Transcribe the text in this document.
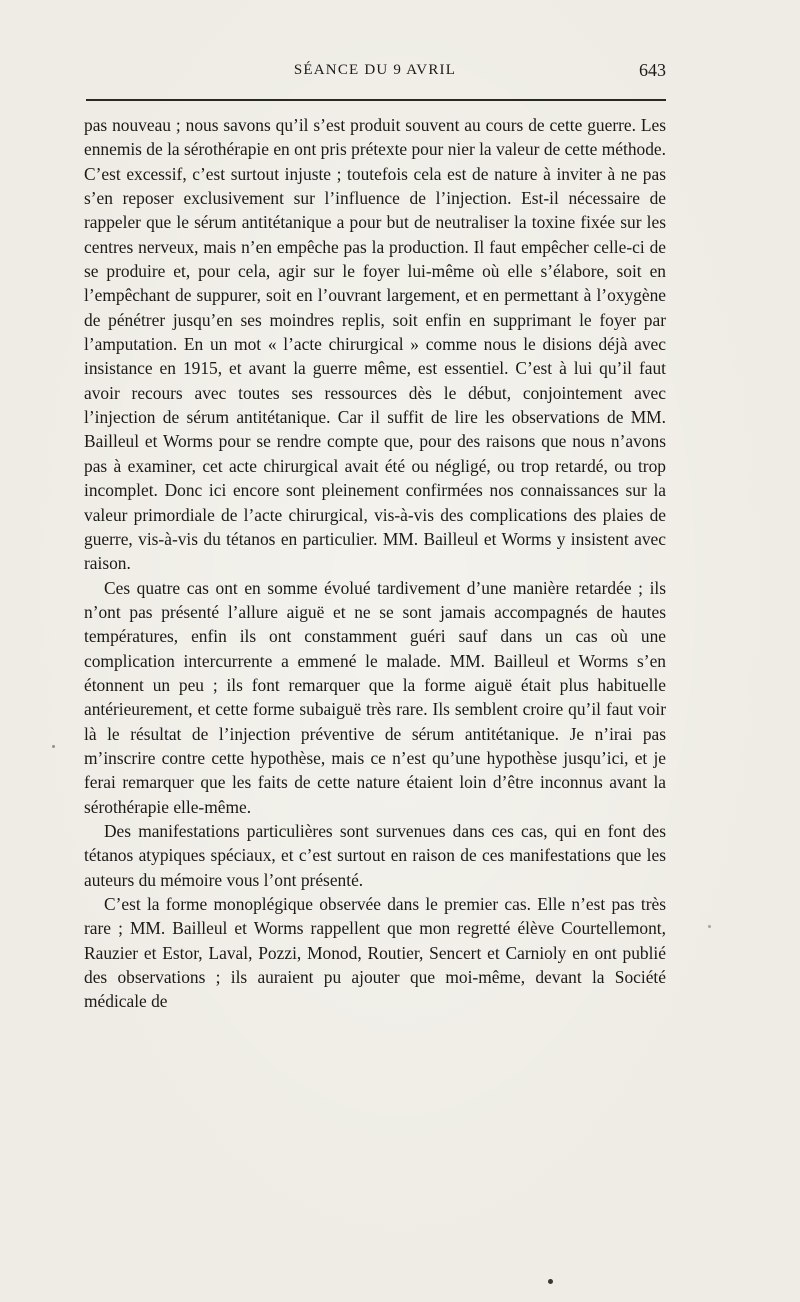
SÉANCE DU 9 AVRIL	643

pas nouveau ; nous savons qu’il s’est produit souvent au cours de cette guerre. Les ennemis de la sérothérapie en ont pris prétexte pour nier la valeur de cette méthode. C’est excessif, c’est surtout injuste ; toutefois cela est de nature à inviter à ne pas s’en reposer exclusivement sur l’influence de l’injection. Est-il nécessaire de rappeler que le sérum antitétanique a pour but de neutraliser la toxine fixée sur les centres nerveux, mais n’en empêche pas la production. Il faut empêcher celle-ci de se produire et, pour cela, agir sur le foyer lui-même où elle s’élabore, soit en l’empêchant de suppurer, soit en l’ouvrant largement, et en permettant à l’oxygène de pénétrer jusqu’en ses moindres replis, soit enfin en supprimant le foyer par l’amputation. En un mot « l’acte chirurgical » comme nous le disions déjà avec insistance en 1915, et avant la guerre même, est essentiel. C’est à lui qu’il faut avoir recours avec toutes ses ressources dès le début, conjointement avec l’injection de sérum antitétanique. Car il suffit de lire les observations de MM. Bailleul et Worms pour se rendre compte que, pour des raisons que nous n’avons pas à examiner, cet acte chirurgical avait été ou négligé, ou trop retardé, ou trop incomplet. Donc ici encore sont pleinement confirmées nos connaissances sur la valeur primordiale de l’acte chirurgical, vis-à-vis des complications des plaies de guerre, vis-à-vis du tétanos en particulier. MM. Bailleul et Worms y insistent avec raison.

Ces quatre cas ont en somme évolué tardivement d’une manière retardée ; ils n’ont pas présenté l’allure aiguë et ne se sont jamais accompagnés de hautes températures, enfin ils ont constamment guéri sauf dans un cas où une complication intercurrente a emmené le malade. MM. Bailleul et Worms s’en étonnent un peu ; ils font remarquer que la forme aiguë était plus habituelle antérieurement, et cette forme subaiguë très rare. Ils semblent croire qu’il faut voir là le résultat de l’injection préventive de sérum antitétanique. Je n’irai pas m’inscrire contre cette hypothèse, mais ce n’est qu’une hypothèse jusqu’ici, et je ferai remarquer que les faits de cette nature étaient loin d’être inconnus avant la sérothérapie elle-même.

Des manifestations particulières sont survenues dans ces cas, qui en font des tétanos atypiques spéciaux, et c’est surtout en raison de ces manifestations que les auteurs du mémoire vous l’ont présenté.

C’est la forme monoplégique observée dans le premier cas. Elle n’est pas très rare ; MM. Bailleul et Worms rappellent que mon regretté élève Courtellemont, Rauzier et Estor, Laval, Pozzi, Monod, Routier, Sencert et Carnioly en ont publié des observations ; ils auraient pu ajouter que moi-même, devant la Société médicale de
